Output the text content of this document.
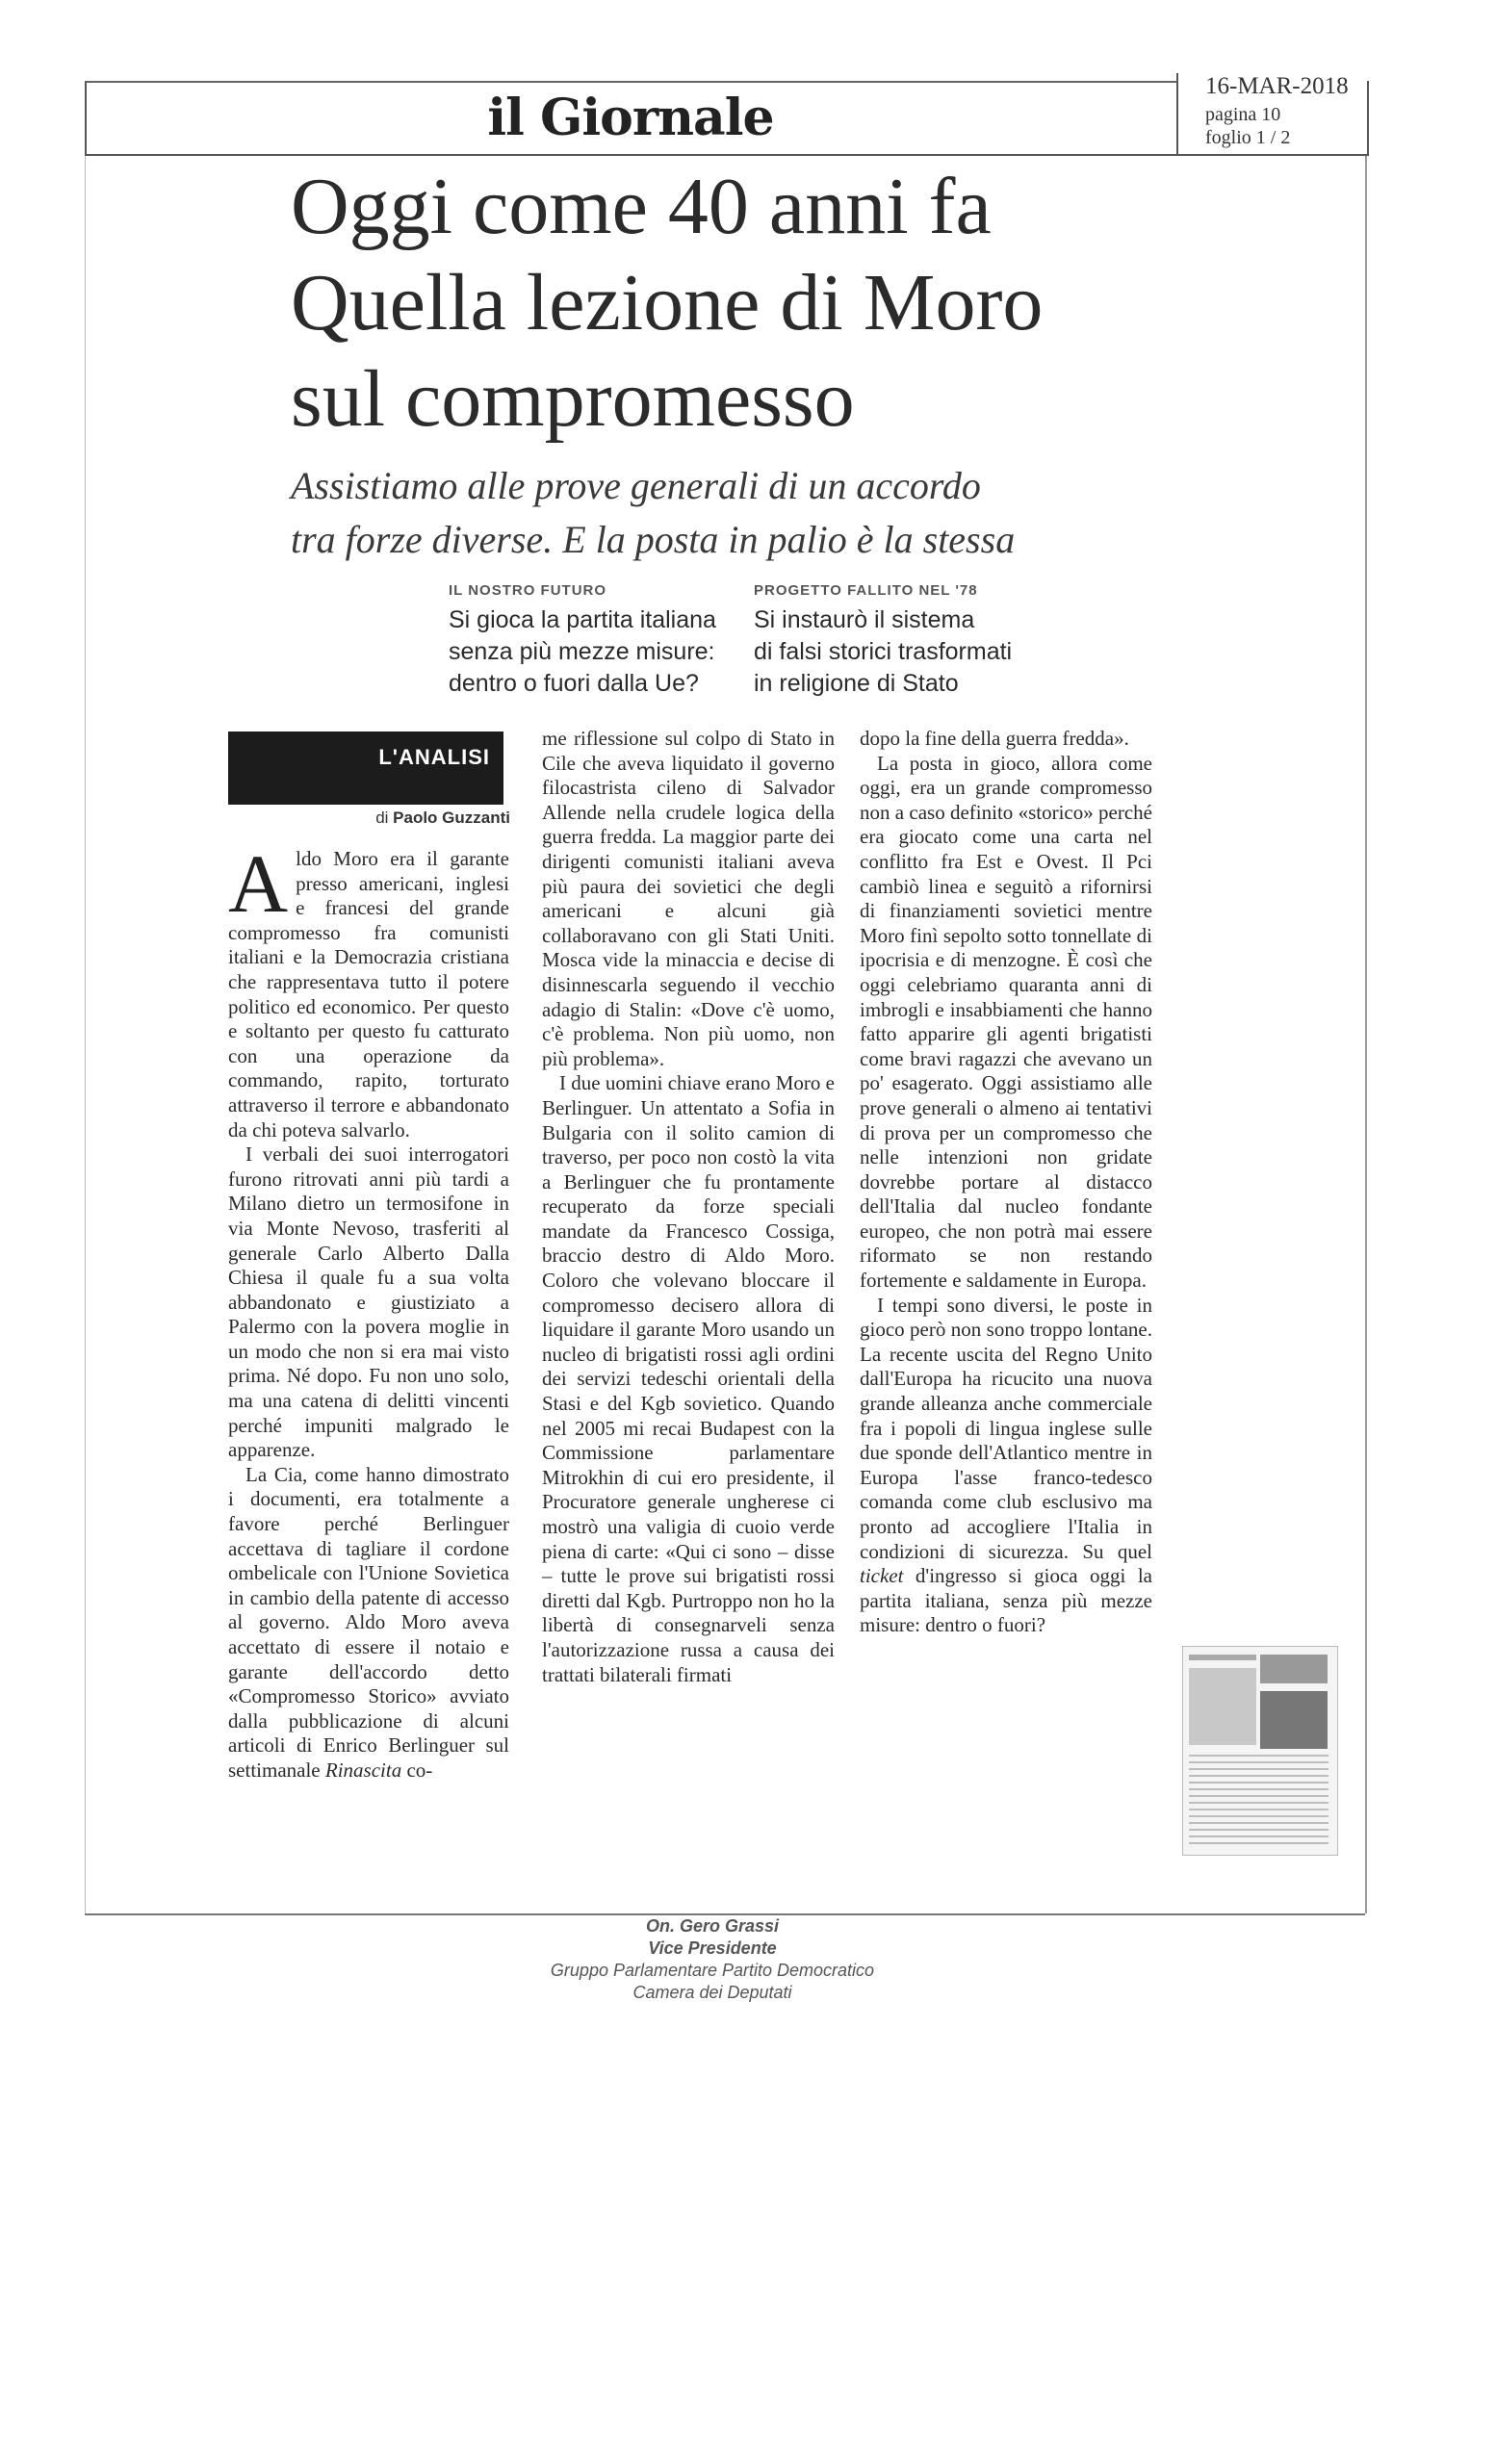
il Giornale
16-MAR-2018
pagina 10
foglio 1 / 2
Oggi come 40 anni fa
Quella lezione di Moro
sul compromesso
Assistiamo alle prove generali di un accordo
tra forze diverse. E la posta in palio è la stessa
IL NOSTRO FUTURO
Si gioca la partita italiana
senza più mezze misure:
dentro o fuori dalla Ue?
PROGETTO FALLITO NEL '78
Si instaurò il sistema
di falsi storici trasformati
in religione di Stato
L'ANALISI
di Paolo Guzzanti

Aldo Moro era il garante presso americani, inglesi e francesi del grande compromesso fra comunisti italiani e la Democrazia cristiana che rappresentava tutto il potere politico ed economico. Per questo e soltanto per questo fu catturato con una operazione da commando, rapito, torturato attraverso il terrore e abbandonato da chi poteva salvarlo.

I verbali dei suoi interrogatori furono ritrovati anni più tardi a Milano dietro un termosifone in via Monte Nevoso, trasferiti al generale Carlo Alberto Dalla Chiesa il quale fu a sua volta abbandonato e giustiziato a Palermo con la povera moglie in un modo che non si era mai visto prima. Né dopo. Fu non uno solo, ma una catena di delitti vincenti perché impuniti malgrado le apparenze.

La Cia, come hanno dimostrato i documenti, era totalmente a favore perché Berlinguer accettava di tagliare il cordone ombelicale con l'Unione Sovietica in cambio della patente di accesso al governo. Aldo Moro aveva accettato di essere il notaio e garante dell'accordo detto «Compromesso Storico» avviato dalla pubblicazione di alcuni articoli di Enrico Berlinguer sul settimanale Rinascita co-

me riflessione sul colpo di Stato in Cile che aveva liquidato il governo filocastrista cileno di Salvador Allende nella crudele logica della guerra fredda. La maggior parte dei dirigenti comunisti italiani aveva più paura dei sovietici che degli americani e alcuni già collaboravano con gli Stati Uniti. Mosca vide la minaccia e decise di disinnescarla seguendo il vecchio adagio di Stalin: «Dove c'è uomo, c'è problema. Non più uomo, non più problema».

I due uomini chiave erano Moro e Berlinguer. Un attentato a Sofia in Bulgaria con il solito camion di traverso, per poco non costò la vita a Berlinguer che fu prontamente recuperato da forze speciali mandate da Francesco Cossiga, braccio destro di Aldo Moro. Coloro che volevano bloccare il compromesso decisero allora di liquidare il garante Moro usando un nucleo di brigatisti rossi agli ordini dei servizi tedeschi orientali della Stasi e del Kgb sovietico. Quando nel 2005 mi recai Budapest con la Commissione parlamentare Mitrokhin di cui ero presidente, il Procuratore generale ungherese ci mostrò una valigia di cuoio verde piena di carte: «Qui ci sono – disse – tutte le prove sui brigatisti rossi diretti dal Kgb. Purtroppo non ho la libertà di consegnarveli senza l'autorizzazione russa a causa dei trattati bilaterali firmati

dopo la fine della guerra fredda».

La posta in gioco, allora come oggi, era un grande compromesso non a caso definito «storico» perché era giocato come una carta nel conflitto fra Est e Ovest. Il Pci cambiò linea e seguitò a rifornirsi di finanziamenti sovietici mentre Moro finì sepolto sotto tonnellate di ipocrisia e di menzogne. È così che oggi celebriamo quaranta anni di imbrogli e insabbiamenti che hanno fatto apparire gli agenti brigatisti come bravi ragazzi che avevano un po' esagerato. Oggi assistiamo alle prove generali o almeno ai tentativi di prova per un compromesso che nelle intenzioni non gridate dovrebbe portare al distacco dell'Italia dal nucleo fondante europeo, che non potrà mai essere riformato se non restando fortemente e saldamente in Europa.

I tempi sono diversi, le poste in gioco però non sono troppo lontane. La recente uscita del Regno Unito dall'Europa ha ricucito una nuova grande alleanza anche commerciale fra i popoli di lingua inglese sulle due sponde dell'Atlantico mentre in Europa l'asse franco-tedesco comanda come club esclusivo ma pronto ad accogliere l'Italia in condizioni di sicurezza. Su quel ticket d'ingresso si gioca oggi la partita italiana, senza più mezze misure: dentro o fuori?

On. Gero Grassi
Vice Presidente
Gruppo Parlamentare Partito Democratico
Camera dei Deputati
